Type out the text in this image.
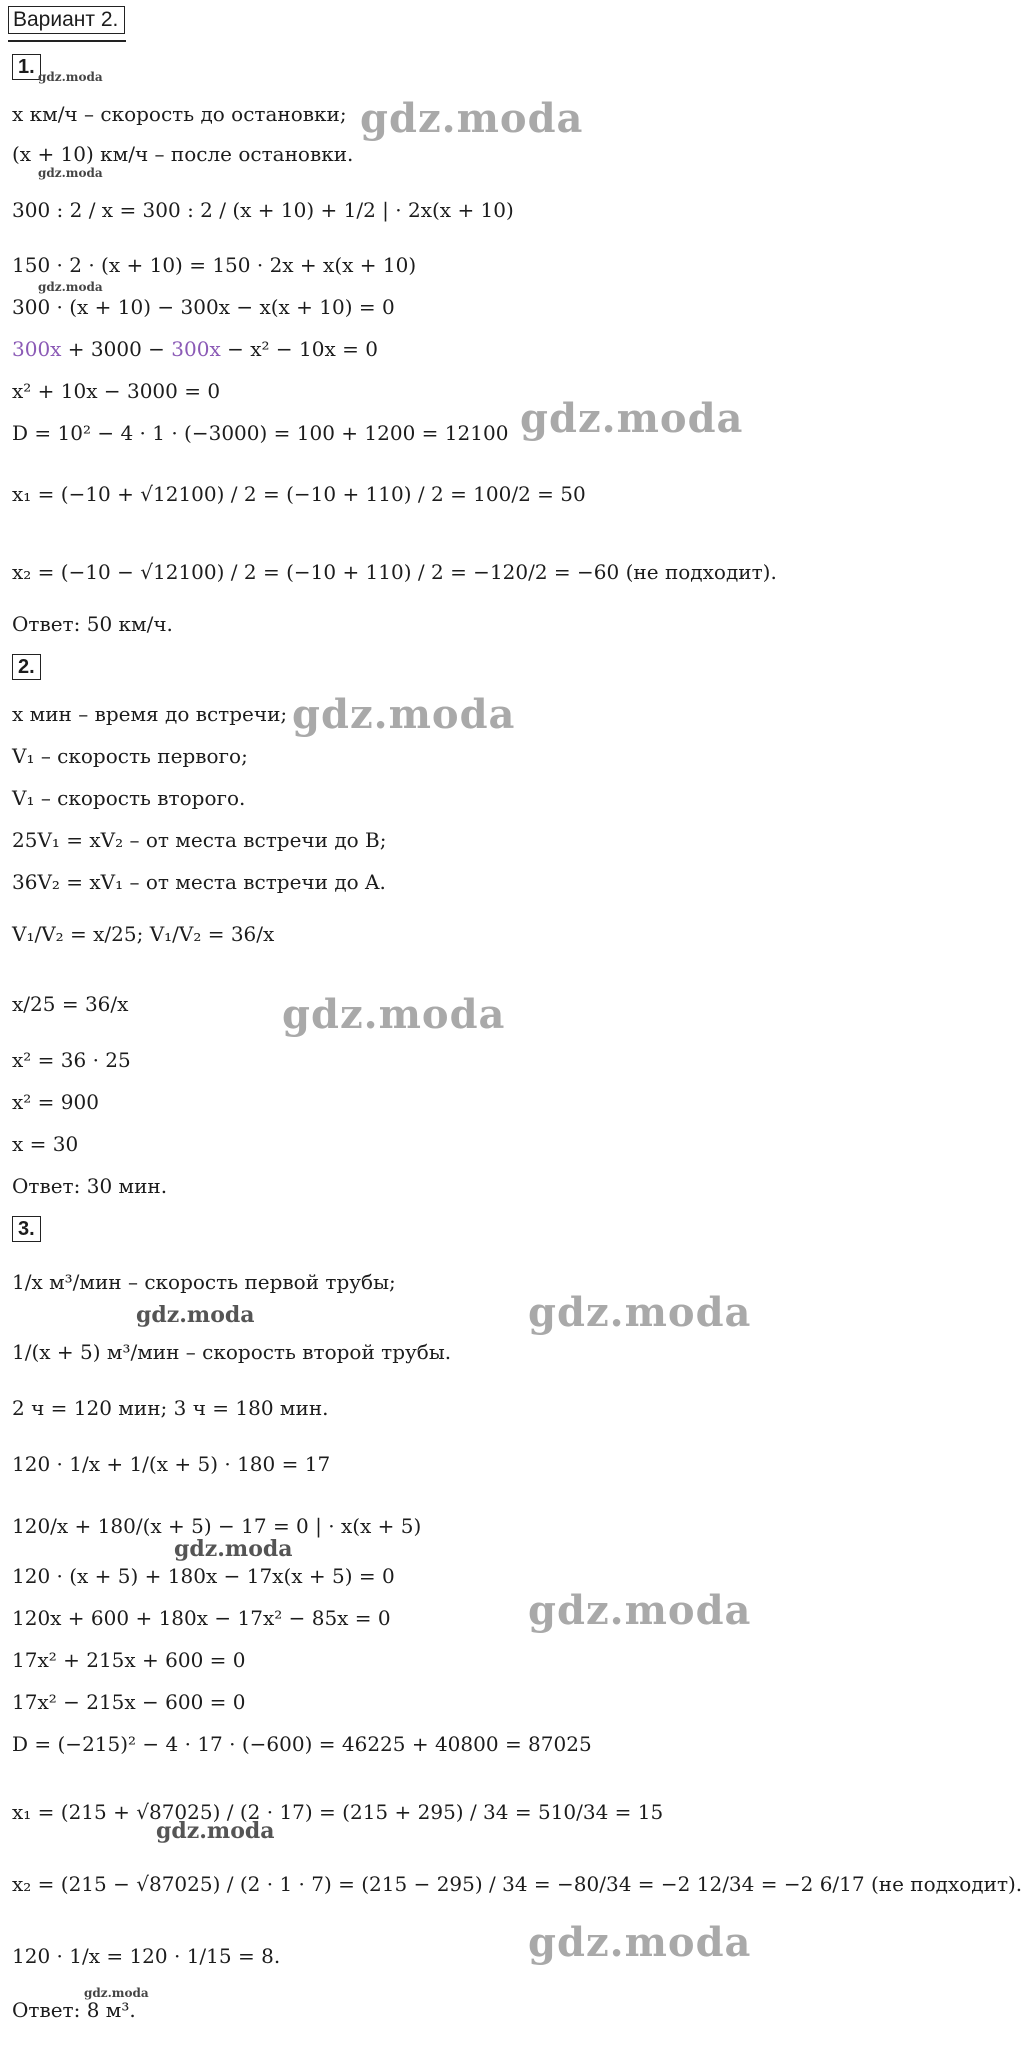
Вариант 2.
1.
x км/ч – скорость до остановки;
(x + 10) км/ч – после остановки.
300 : 2 / x = 300 : 2 / (x + 10) + 1/2 | · 2x(x + 10)
150 · 2 · (x + 10) = 150 · 2x + x(x + 10)
300 · (x + 10) − 300x − x(x + 10) = 0
300x + 3000 − 300x − x² − 10x = 0
x² + 10x − 3000 = 0
D = 10² − 4 · 1 · (−3000) = 100 + 1200 = 12100
x₁ = (−10 + √12100) / 2 = (−10 + 110) / 2 = 100/2 = 50
x₂ = (−10 − √12100) / 2 = (−10 + 110) / 2 = −120/2 = −60 (не подходит).
Ответ: 50 км/ч.
2.
x мин – время до встречи;
V₁ – скорость первого;
V₁ – скорость второго.
25V₁ = xV₂ – от места встречи до B;
36V₂ = xV₁ – от места встречи до A.
V₁/V₂ = x/25; V₁/V₂ = 36/x
x/25 = 36/x
x² = 36 · 25
x² = 900
x = 30
Ответ: 30 мин.
3.
1/x м³/мин – скорость первой трубы;
1/(x + 5) м³/мин – скорость второй трубы.
2 ч = 120 мин; 3 ч = 180 мин.
120 · 1/x + 1/(x + 5) · 180 = 17
120/x + 180/(x + 5) − 17 = 0 | · x(x + 5)
120 · (x + 5) + 180x − 17x(x + 5) = 0
120x + 600 + 180x − 17x² − 85x = 0
17x² + 215x + 600 = 0
17x² − 215x − 600 = 0
D = (−215)² − 4 · 17 · (−600) = 46225 + 40800 = 87025
x₁ = (215 + √87025) / (2 · 17) = (215 + 295) / 34 = 510/34 = 15
x₂ = (215 − √87025) / (2 · 1 · 7) = (215 − 295) / 34 = −80/34 = −2 12/34 = −2 6/17 (не подходит).
120 · 1/x = 120 · 1/15 = 8.
Ответ: 8 м³.
gdz.moda
gdz.moda
gdz.moda
gdz.moda
gdz.moda
gdz.moda
gdz.moda
gdz.moda	gdz.moda
gdz.moda
gdz.moda
gdz.moda
gdz.moda
gdz.moda
